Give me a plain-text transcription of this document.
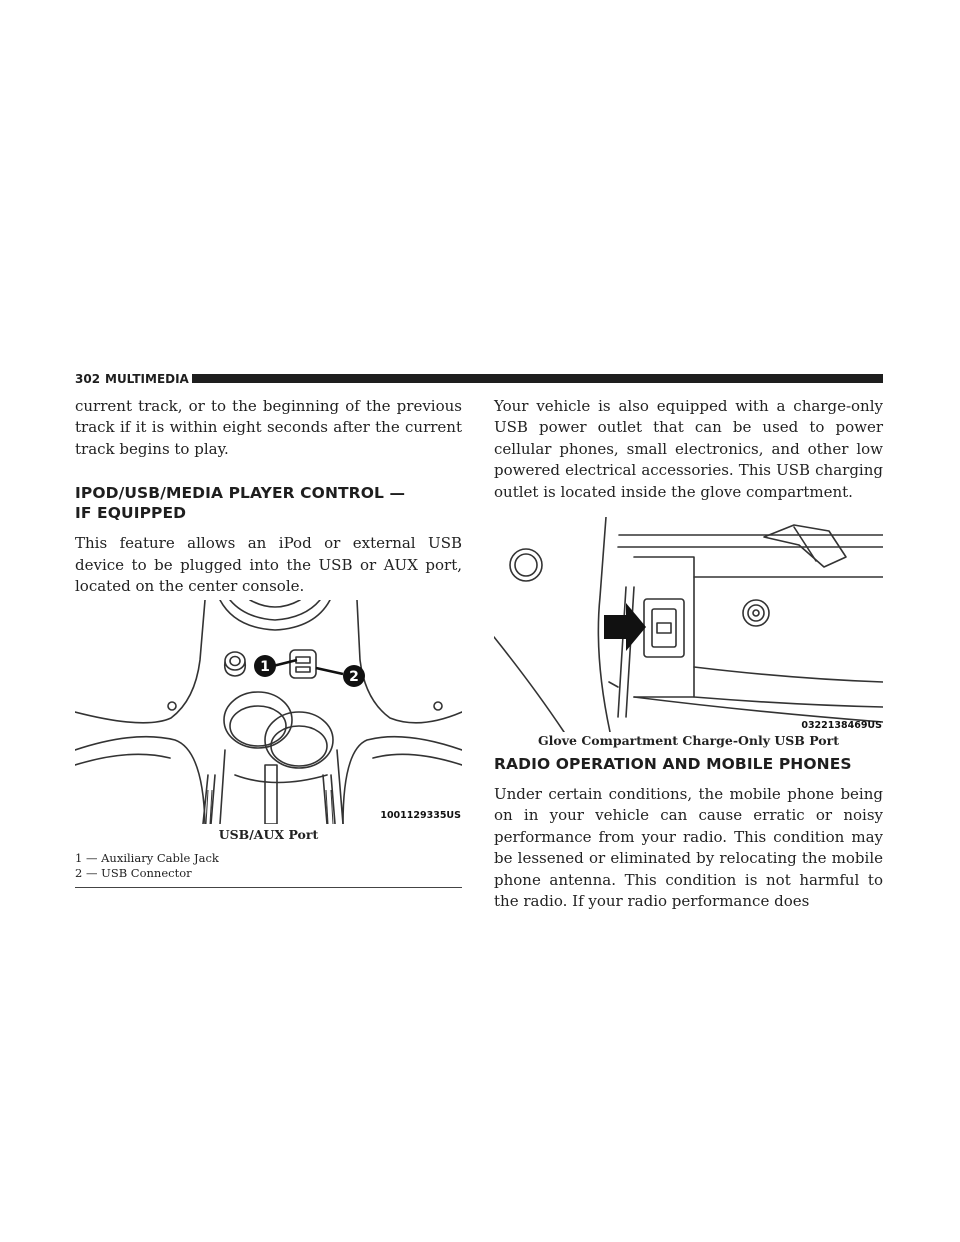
302 MULTIMEDIA

current track, or to the beginning of the previous track if it is within eight seconds after the current track begins to play.

IPOD/USB/MEDIA PLAYER CONTROL —
IF EQUIPPED

This feature allows an iPod or external USB device to be plugged into the USB or AUX port, located on the center console.

1
2
1001129335US
USB/AUX Port
1 — Auxiliary Cable Jack
2 — USB Connector

Your vehicle is also equipped with a charge-only USB power outlet that can be used to power cellular phones, small electronics, and other low powered electrical accessories. This USB charging outlet is located inside the glove compartment.

0322138469US
Glove Compartment Charge-Only USB Port
RADIO OPERATION AND MOBILE PHONES

Under certain conditions, the mobile phone being on in your vehicle can cause erratic or noisy performance from your radio. This condition may be lessened or eliminated by relocating the mobile phone antenna. This condition is not harmful to the radio. If your radio performance does
